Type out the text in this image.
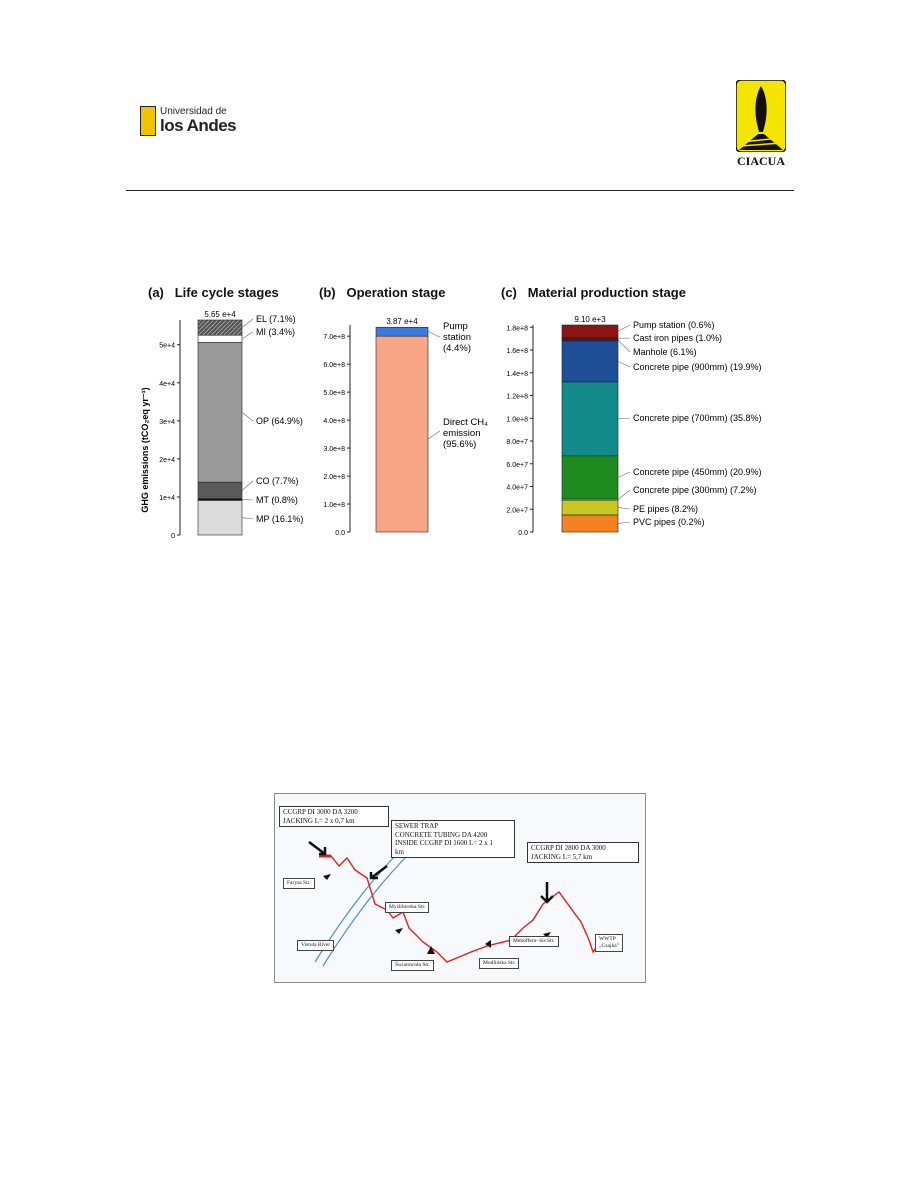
Universidad de
los Andes
CIACUA
(a) Life cycle stages	(b) Operation stage	(c) Material production stage
0
1e+4
2e+4
3e+4
4e+4
5e+4
5.65 e+4
MP (16.1%)
MT (0.8%)
CO (7.7%)
OP (64.9%)
MI (3.4%)
EL (7.1%)
0.0
1.0e+8
2.0e+8
3.0e+8
4.0e+8
5.0e+8
6.0e+8
7.0e+8
3.87 e+4	Pump
station
(4.4%)
Direct CH₄
emission
(95.6%)
0.0
2.0e+7
4.0e+7
6.0e+7
8.0e+7
1.0e+8
1.2e+8
1.4e+8
1.6e+8
1.8e+8
9.10 e+3
PVC pipes (0.2%)
PE pipes (8.2%)
Concrete pipe (300mm) (7.2%)
Concrete pipe (450mm) (20.9%)
Concrete pipe (700mm) (35.8%)
Concrete pipe (900mm) (19.9%)
Manhole (6.1%)
Cast iron pipes (1.0%)
Pump station (0.6%)
GHG emissions (tCO₂eq yr⁻¹)
CCGRP DI 3000 DA 3200
JACKING L= 2 x 0,7 km
SEWER TRAP
CONCRETE TUBING DA 4200
INSIDE CCGRP DI 1600 L= 2 x 1
km	CCGRP DI 2800 DA 3000
JACKING L= 5,7 km
Farysa Str.
Myśliborska Str.
Vistula River
Światowida Str.	Modlińska Str.
Mehoffera- bis Str.	WWTP
„Czajka”
